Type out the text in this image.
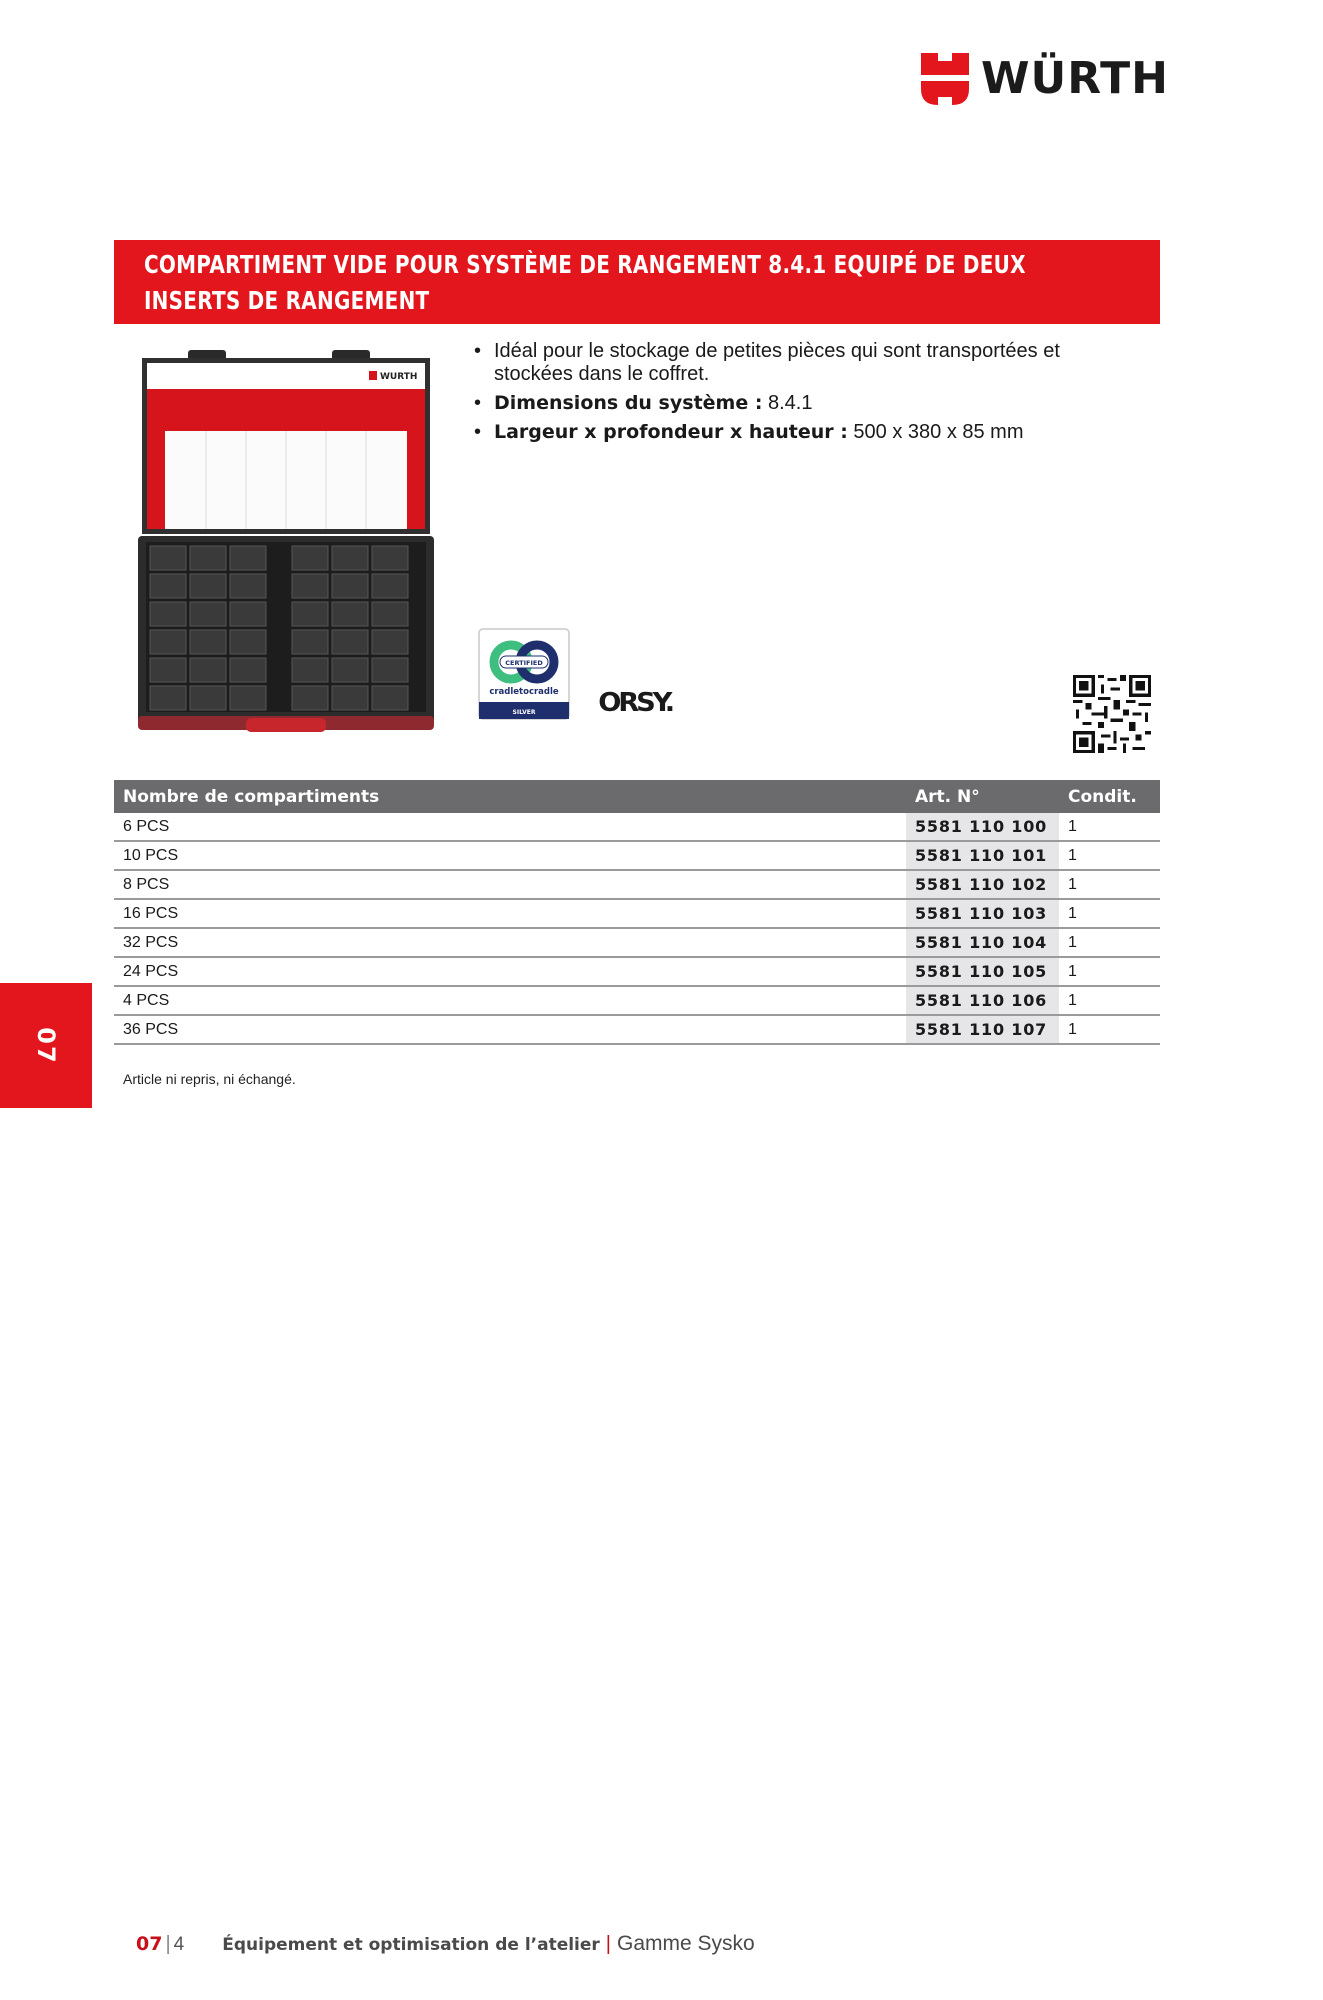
WÜRTH
COMPARTIMENT VIDE POUR SYSTÈME DE RANGEMENT 8.4.1 EQUIPÉ DE DEUX
INSERTS DE RANGEMENT
WURTH
• Idéal pour le stockage de petites pièces qui sont transportées et stockées dans le coffret.
• Dimensions du système : 8.4.1
• Largeur x profondeur x hauteur : 500 x 380 x 85 mm
CERTIFIED
cradletocradle
SILVER ORSY.
Nombre de compartiments	Art. N°	Condit.
6 PCS	5581 110 100	1
10 PCS	5581 110 101	1
8 PCS	5581 110 102	1
16 PCS	5581 110 103	1
32 PCS	5581 110 104	1
24 PCS	5581 110 105	1
4 PCS	5581 110 106	1
36 PCS	5581 110 107	1
Article ni repris, ni échangé.
07
07 | 4 Équipement et optimisation de l’atelier | Gamme Sysko
